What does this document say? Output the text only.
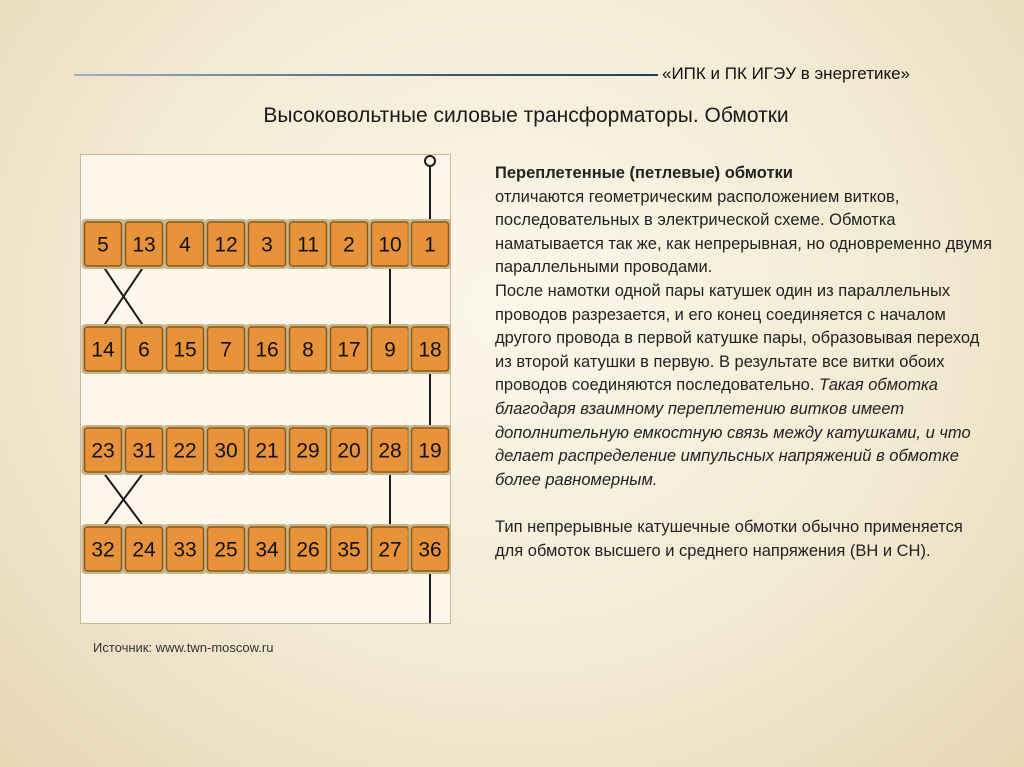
«ИПК и ПК ИГЭУ в энергетике»
Высоковольтные силовые трансформаторы. Обмотки
5 13 4 12 3 11 2 10 1
14 6 15 7 16 8 17 9 18
23 31 22 30 21 29 20 28 19
32 24 33 25 34 26 35 27 36
Источник: www.twn-moscow.ru

Переплетенные (петлевые) обмотки

отличаются геометрическим расположением витков, последовательных в электрической схеме. Обмотка наматывается так же, как непрерывная, но одновременно двумя параллельными проводами.

После намотки одной пары катушек один из параллельных проводов разрезается, и его конец соединяется с началом другого провода в первой катушке пары, образовывая переход из второй катушки в первую. В результате все витки обоих проводов соединяются последовательно. Такая обмотка благодаря взаимному переплетению витков имеет дополнительную емкостную связь между катушками, и что делает распределение импульсных напряжений в обмотке более равномерным.

Тип непрерывные катушечные обмотки обычно применяется для обмоток высшего и среднего напряжения (ВН и СН).
